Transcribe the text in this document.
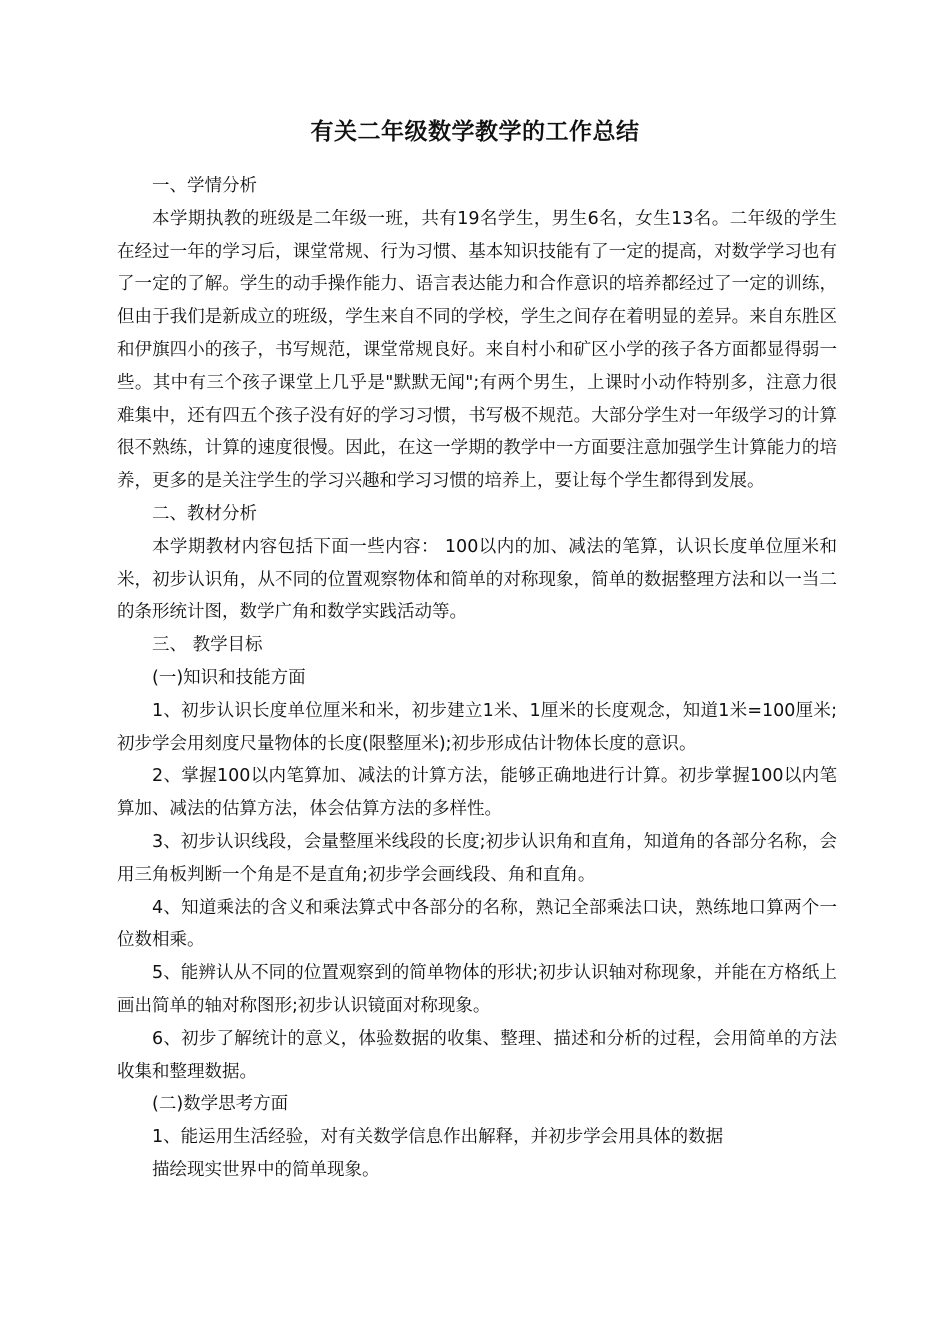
有关二年级数学教学的工作总结

一、学情分析

本学期执教的班级是二年级一班，共有19名学生，男生6名，女生13名。二年级的学生在经过一年的学习后，课堂常规、行为习惯、基本知识技能有了一定的提高，对数学学习也有了一定的了解。学生的动手操作能力、语言表达能力和合作意识的培养都经过了一定的训练，但由于我们是新成立的班级，学生来自不同的学校，学生之间存在着明显的差异。来自东胜区和伊旗四小的孩子，书写规范，课堂常规良好。来自村小和矿区小学的孩子各方面都显得弱一些。其中有三个孩子课堂上几乎是"默默无闻";有两个男生，上课时小动作特别多，注意力很难集中，还有四五个孩子没有好的学习习惯，书写极不规范。大部分学生对一年级学习的计算很不熟练，计算的速度很慢。因此，在这一学期的教学中一方面要注意加强学生计算能力的培养，更多的是关注学生的学习兴趣和学习习惯的培养上，要让每个学生都得到发展。

二、教材分析

本学期教材内容包括下面一些内容： 100以内的加、减法的笔算，认识长度单位厘米和米，初步认识角，从不同的位置观察物体和简单的对称现象，简单的数据整理方法和以一当二的条形统计图，数学广角和数学实践活动等。

三、 教学目标

(一)知识和技能方面

1、初步认识长度单位厘米和米，初步建立1米、1厘米的长度观念，知道1米=100厘米;初步学会用刻度尺量物体的长度(限整厘米);初步形成估计物体长度的意识。

2、掌握100以内笔算加、减法的计算方法，能够正确地进行计算。初步掌握100以内笔算加、减法的估算方法，体会估算方法的多样性。

3、初步认识线段，会量整厘米线段的长度;初步认识角和直角，知道角的各部分名称，会用三角板判断一个角是不是直角;初步学会画线段、角和直角。

4、知道乘法的含义和乘法算式中各部分的名称，熟记全部乘法口诀，熟练地口算两个一位数相乘。

5、能辨认从不同的位置观察到的简单物体的形状;初步认识轴对称现象，并能在方格纸上画出简单的轴对称图形;初步认识镜面对称现象。

6、初步了解统计的意义，体验数据的收集、整理、描述和分析的过程，会用简单的方法收集和整理数据。

(二)数学思考方面

1、能运用生活经验，对有关数学信息作出解释，并初步学会用具体的数据

描绘现实世界中的简单现象。
